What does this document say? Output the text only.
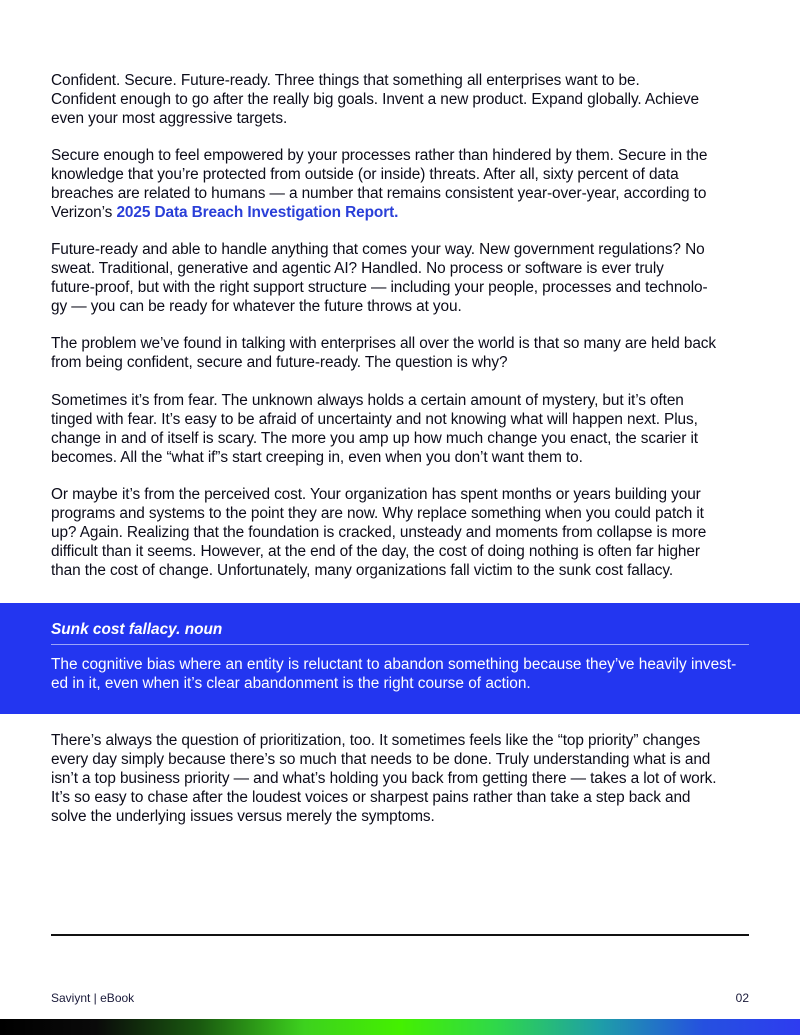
Confident. Secure. Future-ready. Three things that something all enterprises want to be.

Confident enough to go after the really big goals. Invent a new product. Expand globally. Achieve

even your most aggressive targets.

Secure enough to feel empowered by your processes rather than hindered by them. Secure in the

knowledge that you’re protected from outside (or inside) threats. After all, sixty percent of data

breaches are related to humans — a number that remains consistent year-over-year, according to

Verizon’s 2025 Data Breach Investigation Report.

Future-ready and able to handle anything that comes your way. New government regulations? No

sweat. Traditional, generative and agentic AI? Handled. No process or software is ever truly

future-proof, but with the right support structure — including your people, processes and technolo-

gy — you can be ready for whatever the future throws at you.

The problem we’ve found in talking with enterprises all over the world is that so many are held back

from being confident, secure and future-ready. The question is why?

Sometimes it’s from fear. The unknown always holds a certain amount of mystery, but it’s often

tinged with fear. It’s easy to be afraid of uncertainty and not knowing what will happen next. Plus,

change in and of itself is scary. The more you amp up how much change you enact, the scarier it

becomes. All the “what if”s start creeping in, even when you don’t want them to.

Or maybe it’s from the perceived cost. Your organization has spent months or years building your

programs and systems to the point they are now. Why replace something when you could patch it

up? Again. Realizing that the foundation is cracked, unsteady and moments from collapse is more

difficult than it seems. However, at the end of the day, the cost of doing nothing is often far higher

than the cost of change. Unfortunately, many organizations fall victim to the sunk cost fallacy.

Sunk cost fallacy. noun
The cognitive bias where an entity is reluctant to abandon something because they’ve heavily invest-
ed in it, even when it’s clear abandonment is the right course of action.

There’s always the question of prioritization, too. It sometimes feels like the “top priority” changes

every day simply because there’s so much that needs to be done. Truly understanding what is and

isn’t a top business priority — and what’s holding you back from getting there — takes a lot of work.

It’s so easy to chase after the loudest voices or sharpest pains rather than take a step back and

solve the underlying issues versus merely the symptoms.

Saviynt | eBook	02
